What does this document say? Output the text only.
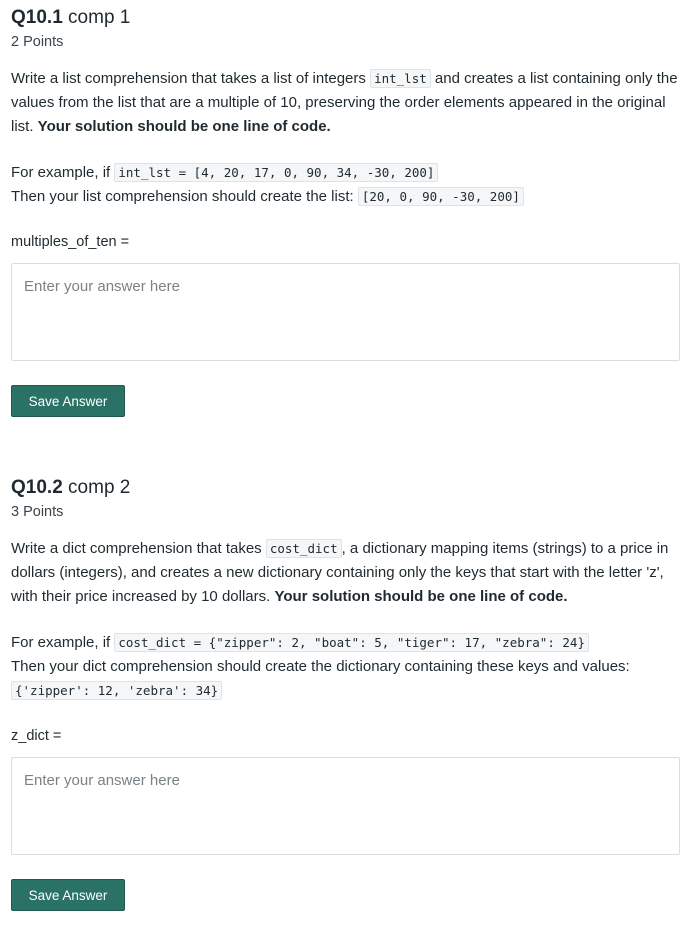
Q10.1 comp 1
2 Points
Write a list comprehension that takes a list of integers int_lst and creates a list containing only the values from the list that are a multiple of 10, preserving the order elements appeared in the original list. Your solution should be one line of code.
For example, if int_lst = [4, 20, 17, 0, 90, 34, -30, 200]
Then your list comprehension should create the list: [20, 0, 90, -30, 200]
multiples_of_ten =
Enter your answer here Save Answer
Q10.2 comp 2
3 Points
Write a dict comprehension that takes cost_dict , a dictionary mapping items (strings) to a price in dollars (integers), and creates a new dictionary containing only the keys that start with the letter 'z', with their price increased by 10 dollars. Your solution should be one line of code.
For example, if cost_dict = {"zipper": 2, "boat": 5, "tiger": 17, "zebra": 24}
Then your dict comprehension should create the dictionary containing these keys and values:
{'zipper': 12, 'zebra': 34}
z_dict =
Enter your answer here Save Answer
